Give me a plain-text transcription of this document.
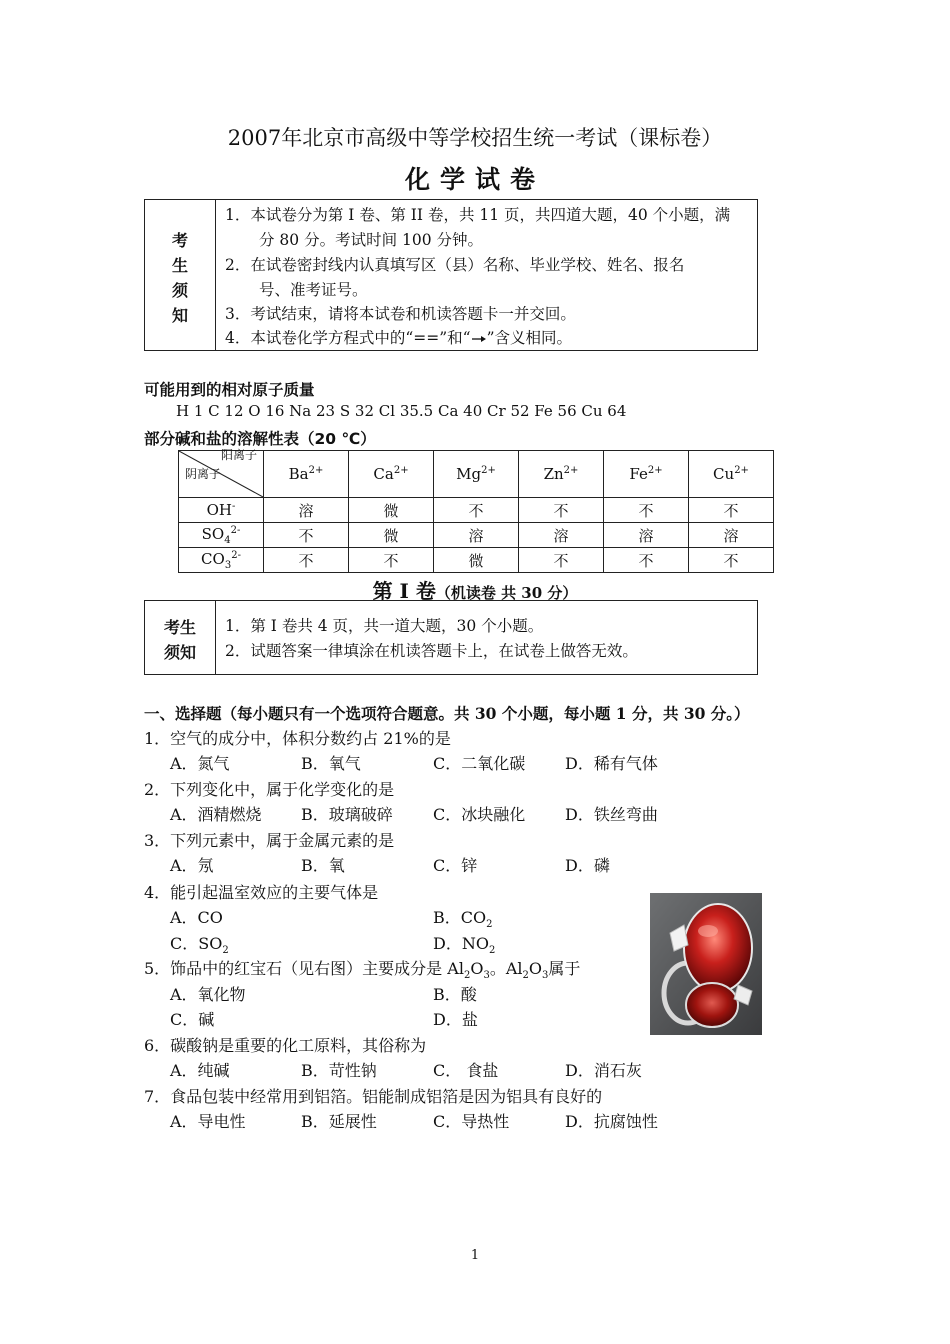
2007年北京市高级中等学校招生统一考试（课标卷）
化学试卷
考
生
须
知
1．本试卷分为第 I 卷、第 II 卷，共 11 页，共四道大题，40 个小题，满
分 80 分。考试时间 100 分钟。
2．在试卷密封线内认真填写区（县）名称、毕业学校、姓名、报名
号、准考证号。
3．考试结束，请将本试卷和机读答题卡一并交回。
4．本试卷化学方程式中的“==”和“ ”含义相同。
可能用到的相对原子质量
H 1 C 12 O 16 Na 23 S 32 Cl 35.5 Ca 40 Cr 52 Fe 56 Cu 64
部分碱和盐的溶解性表（20 ℃）
阳离子
阴离子	$Ba^{2+}$	$Ca^{2+}$	$Mg^{2+}$	$Zn^{2+}$	$Fe^{2+}$	$Cu^{2+}$
OH-	溶	微	不	不	不	不
$SO_4^{2-}$	不	微	溶	溶	溶	溶
$CO_3^{2-}$	不	不	微	不	不	不
第 I 卷（机读卷 共 30 分）
考生
须知
1．第 I 卷共 4 页，共一道大题，30 个小题。
2．试题答案一律填涂在机读答题卡上，在试卷上做答无效。
一、选择题（每小题只有一个选项符合题意。共 30 个小题，每小题 1 分，共 30 分。）
1．空气的成分中，体积分数约占 21%的是
A．氮气	B．氧气	C．二氧化碳 D．稀有气体
2．下列变化中，属于化学变化的是
A．酒精燃烧 B．玻璃破碎	C．冰块融化 D．铁丝弯曲
3．下列元素中，属于金属元素的是
A．氖	B．氧	C．锌	D．磷
4．能引起温室效应的主要气体是
A．CO	B．$CO_2$
C．$SO_2$	D．$NO_2$
5．饰品中的红宝石（见右图）主要成分是 $Al_2O_3$。$Al_2O_3$属于
A．氧化物	B．酸
C．碱	D．盐
6．碳酸钠是重要的化工原料，其俗称为
A．纯碱	B．苛性钠	C． 食盐	D．消石灰
7．食品包装中经常用到铝箔。铝能制成铝箔是因为铝具有良好的
A．导电性	B．延展性	C．导热性	D．抗腐蚀性
1
